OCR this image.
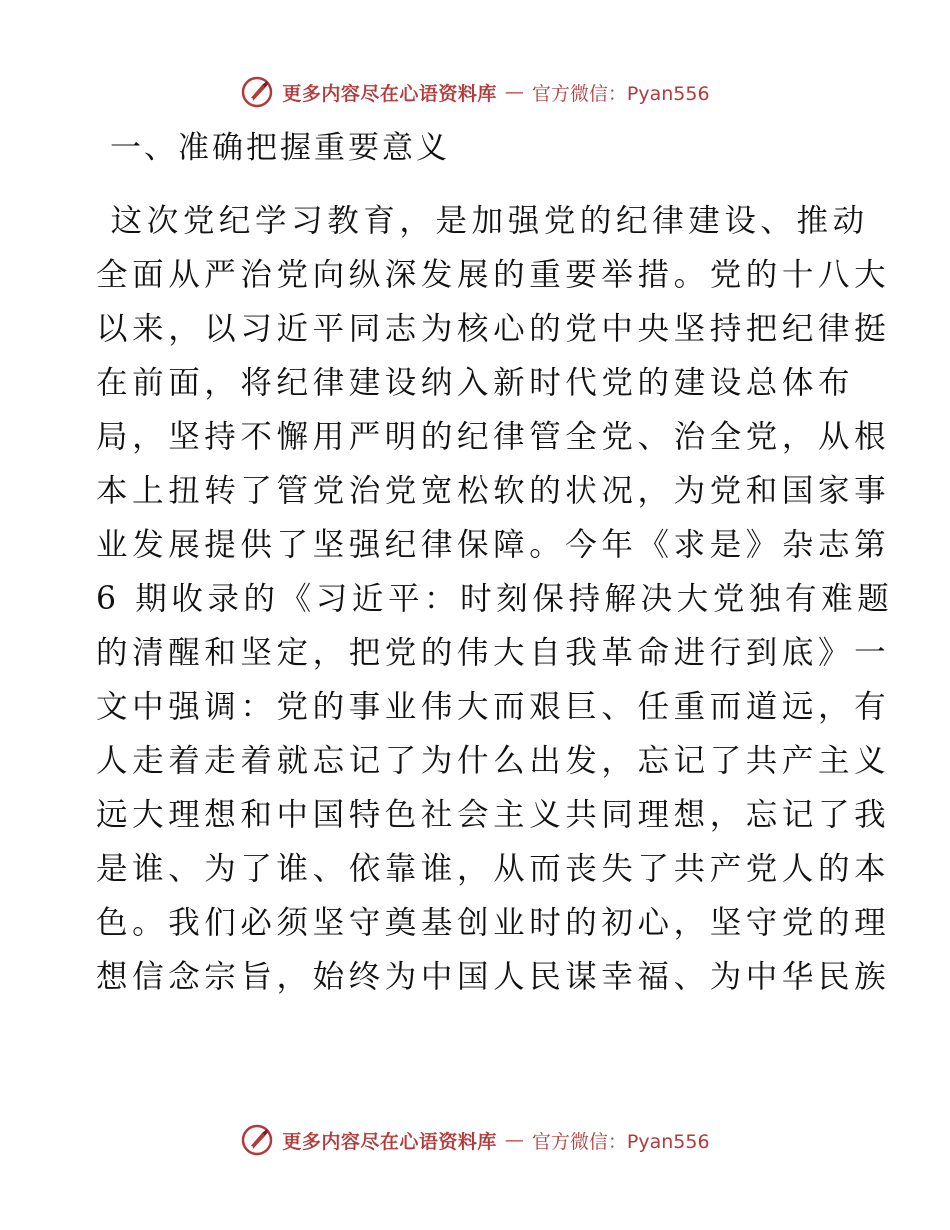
更多内容尽在心语资料库 — 官方微信：Pyan556
一、准确把握重要意义
这次党纪学习教育，是加强党的纪律建设、推动
全面从严治党向纵深发展的重要举措。党的十八大
以来，以习近平同志为核心的党中央坚持把纪律挺
在前面，将纪律建设纳入新时代党的建设总体布
局，坚持不懈用严明的纪律管全党、治全党，从根
本上扭转了管党治党宽松软的状况，为党和国家事
业发展提供了坚强纪律保障。今年《求是》杂志第
6 期收录的《习近平：时刻保持解决大党独有难题
的清醒和坚定，把党的伟大自我革命进行到底》一
文中强调：党的事业伟大而艰巨、任重而道远，有
人走着走着就忘记了为什么出发，忘记了共产主义
远大理想和中国特色社会主义共同理想，忘记了我
是谁、为了谁、依靠谁，从而丧失了共产党人的本
色。我们必须坚守奠基创业时的初心，坚守党的理
想信念宗旨，始终为中国人民谋幸福、为中华民族
更多内容尽在心语资料库 — 官方微信：Pyan556
